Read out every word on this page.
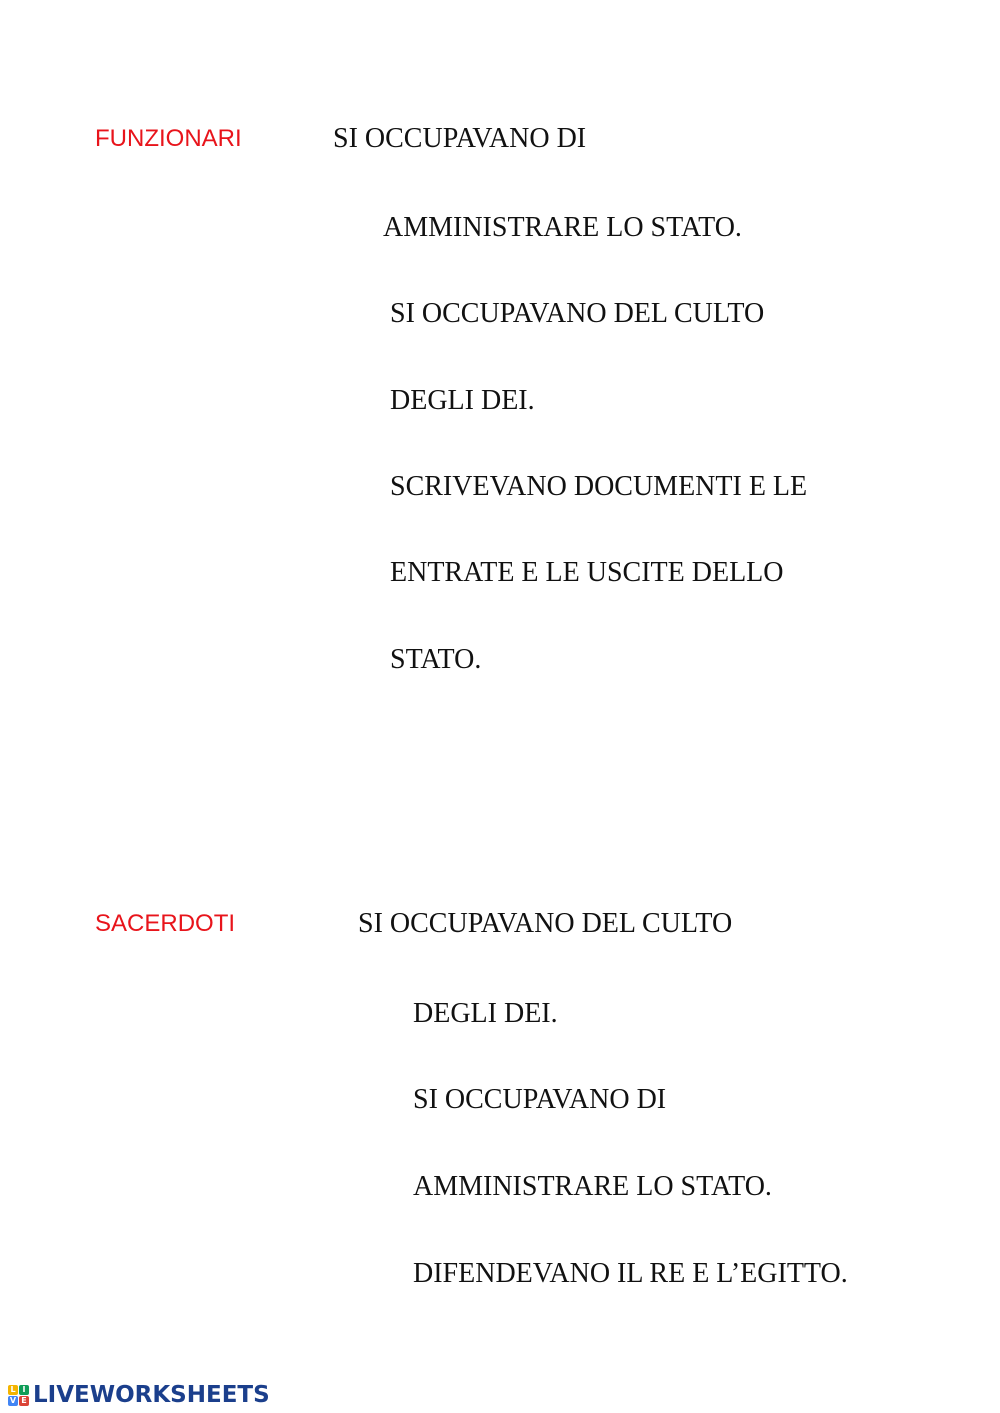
FUNZIONARI	SI OCCUPAVANO DI
AMMINISTRARE LO STATO.
SI OCCUPAVANO DEL CULTO
DEGLI DEI.
SCRIVEVANO DOCUMENTI E LE
ENTRATE E LE USCITE DELLO
STATO.
SACERDOTI	SI OCCUPAVANO DEL CULTO
DEGLI DEI.
SI OCCUPAVANO DI
AMMINISTRARE LO STATO.
DIFENDEVANO IL RE E L’EGITTO.
L I
V E LIVEWORKSHEETS
